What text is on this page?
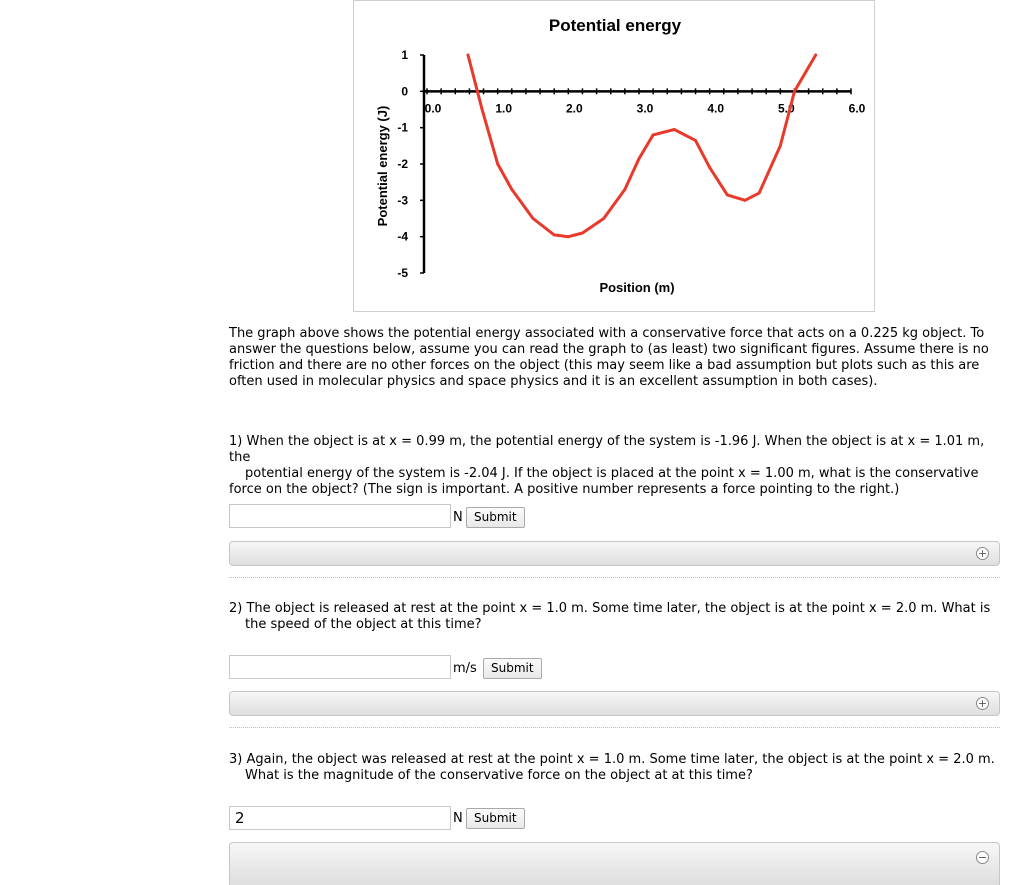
Potential energy
1
0
-1
-2
-3
-4
-5
0.0	1.0	2.0	3.0	4.0	5.0	6.0
Potential energy (J)
Position (m)
The graph above shows the potential energy associated with a conservative force that acts on a 0.225 kg object. To answer the questions below, assume you can read the graph to (as least) two significant figures. Assume there is no friction and there are no other forces on the object (this may seem like a bad assumption but plots such as this are often used in molecular physics and space physics and it is an excellent assumption in both cases).
1) When the object is at x = 0.99 m, the potential energy of the system is -1.96 J. When the object is at x = 1.01 m, the
potential energy of the system is -2.04 J. If the object is placed at the point x = 1.00 m, what is the conservative
force on the object? (The sign is important. A positive number represents a force pointing to the right.)
N Submit
+
2) The object is released at rest at the point x = 1.0 m. Some time later, the object is at the point x = 2.0 m. What is
the speed of the object at this time?
m/s	Submit
+
3) Again, the object was released at rest at the point x = 1.0 m. Some time later, the object is at the point x = 2.0 m.
What is the magnitude of the conservative force on the object at at this time?
2
N Submit
−
